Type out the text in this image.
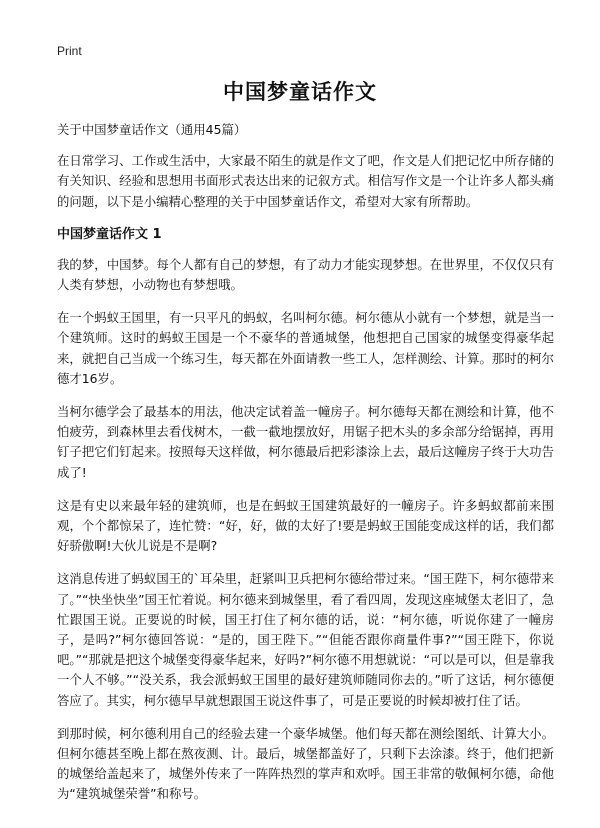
Print
中国梦童话作文

关于中国梦童话作文（通用45篇）

在日常学习、工作或生活中，大家最不陌生的就是作文了吧，作文是人们把记忆中所存储的有关知识、经验和思想用书面形式表达出来的记叙方式。相信写作文是一个让许多人都头痛的问题，以下是小编精心整理的关于中国梦童话作文，希望对大家有所帮助。

中国梦童话作文 1

我的梦，中国梦。每个人都有自己的梦想，有了动力才能实现梦想。在世界里，不仅仅只有人类有梦想，小动物也有梦想哦。

在一个蚂蚁王国里，有一只平凡的蚂蚁，名叫柯尔德。柯尔德从小就有一个梦想，就是当一个建筑师。这时的蚂蚁王国是一个不豪华的普通城堡，他想把自己国家的城堡变得豪华起来，就把自己当成一个练习生，每天都在外面请教一些工人，怎样测绘、计算。那时的柯尔德才16岁。

当柯尔德学会了最基本的用法，他决定试着盖一幢房子。柯尔德每天都在测绘和计算，他不怕疲劳，到森林里去看伐树木，一截一截地摆放好，用锯子把木头的多余部分给锯掉，再用钉子把它们钉起来。按照每天这样做，柯尔德最后把彩漆涂上去，最后这幢房子终于大功告成了!

这是有史以来最年轻的建筑师，也是在蚂蚁王国建筑最好的一幢房子。许多蚂蚁都前来围观，个个都惊呆了，连忙赞：“好，好，做的太好了!要是蚂蚁王国能变成这样的话，我们都好骄傲啊!大伙儿说是不是啊?

这消息传进了蚂蚁国王的`耳朵里，赶紧叫卫兵把柯尔德给带过来。“国王陛下，柯尔德带来了。”“快坐快坐”国王忙着说。柯尔德来到城堡里，看了看四周，发现这座城堡太老旧了，急忙跟国王说。正要说的时候，国王打住了柯尔德的话，说：“柯尔德，听说你建了一幢房子，是吗?”柯尔德回答说：“是的，国王陛下。”“但能否跟你商量件事?”“国王陛下，你说吧。”“那就是把这个城堡变得豪华起来，好吗?”柯尔德不用想就说：“可以是可以，但是靠我一个人不够。”“没关系，我会派蚂蚁王国里的最好建筑师随同你去的。”听了这话，柯尔德便答应了。其实，柯尔德早早就想跟国王说这件事了，可是正要说的时候却被打住了话。

到那时候，柯尔德利用自己的经验去建一个豪华城堡。他们每天都在测绘图纸、计算大小。但柯尔德甚至晚上都在熬夜测、计。最后，城堡都盖好了，只剩下去涂漆。终于，他们把新的城堡给盖起来了，城堡外传来了一阵阵热烈的掌声和欢呼。国王非常的敬佩柯尔德，命他为“建筑城堡荣誉”和称号。
